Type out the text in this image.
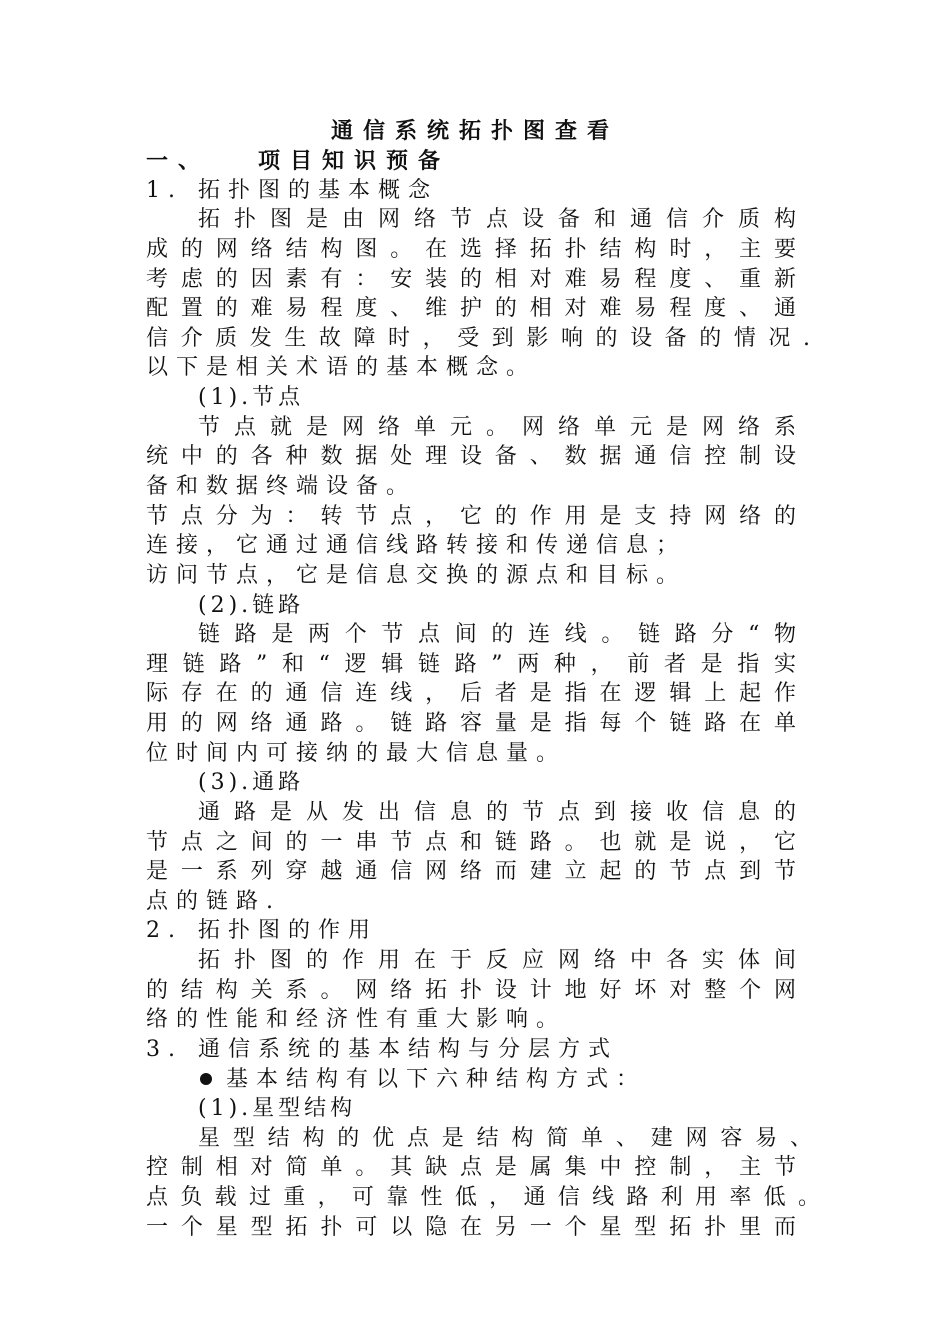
通信系统拓扑图查看
一、 项目知识预备
1. 拓扑图的基本概念
拓扑图是由网络节点设备和通信介质构
成的网络结构图。在选择拓扑结构时，主要
考虑的因素有：安装的相对难易程度、重新
配置的难易程度、维护的相对难易程度、通
信介质发生故障时，受到影响的设备的情况.
以下是相关术语的基本概念。
(1).节点
节点就是网络单元。网络单元是网络系
统中的各种数据处理设备、数据通信控制设
备和数据终端设备。
节点分为：转节点，它的作用是支持网络的
连接，它通过通信线路转接和传递信息；
访问节点，它是信息交换的源点和目标。
(2).链路
链路是两个节点间的连线。链路分“物
理链路”和“逻辑链路”两种，前者是指实
际存在的通信连线，后者是指在逻辑上起作
用的网络通路。链路容量是指每个链路在单
位时间内可接纳的最大信息量。
(3).通路
通路是从发出信息的节点到接收信息的
节点之间的一串节点和链路。也就是说，它
是一系列穿越通信网络而建立起的节点到节
点的链路.
2. 拓扑图的作用
拓扑图的作用在于反应网络中各实体间
的结构关系。网络拓扑设计地好坏对整个网
络的性能和经济性有重大影响。
3. 通信系统的基本结构与分层方式
基本结构有以下六种结构方式：
(1).星型结构
星型结构的优点是结构简单、建网容易、
控制相对简单。其缺点是属集中控制，主节
点负载过重，可靠性低，通信线路利用率低。
一个星型拓扑可以隐在另一个星型拓扑里而
